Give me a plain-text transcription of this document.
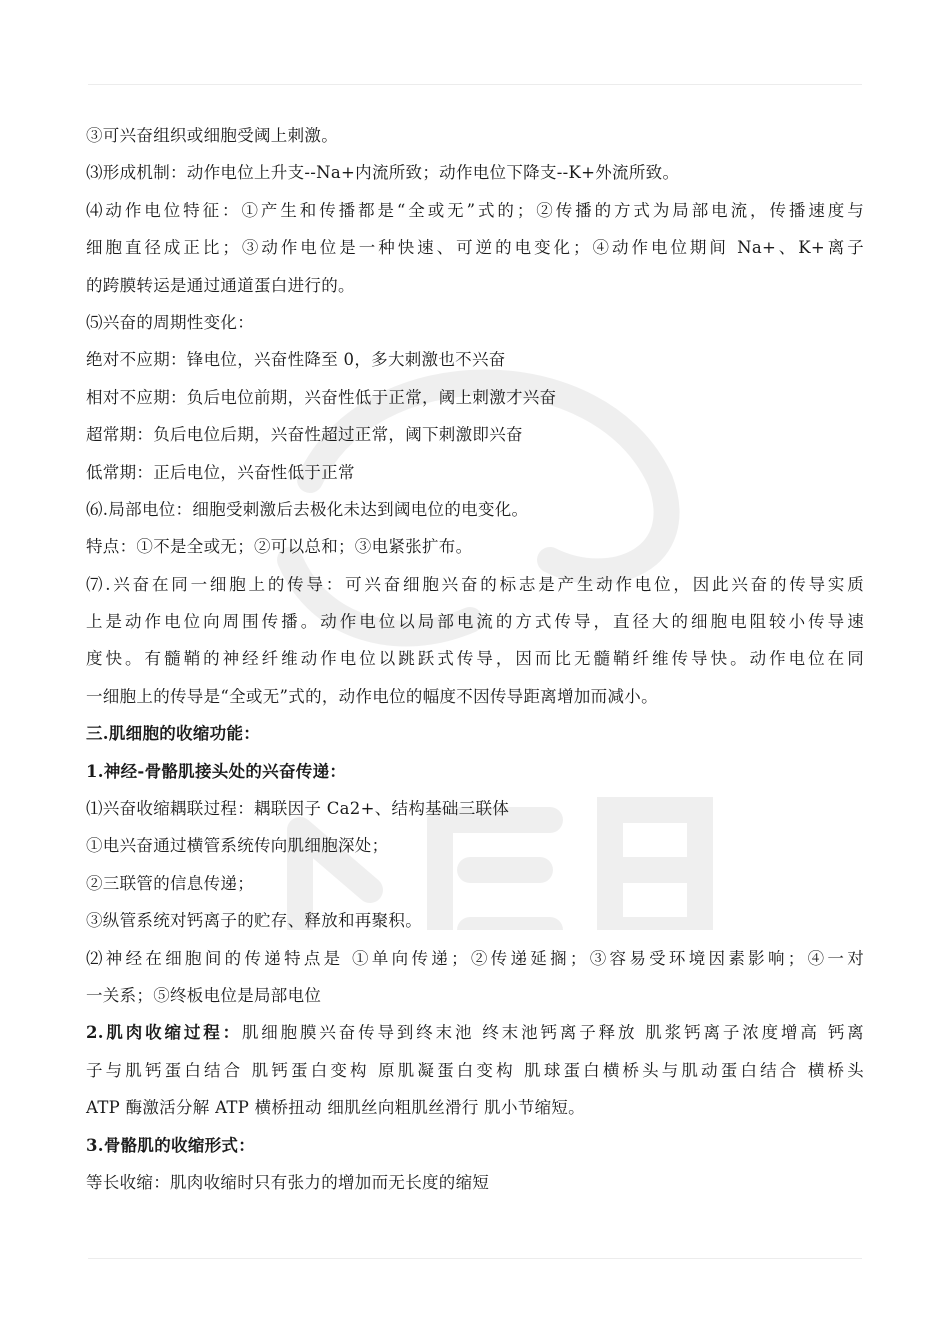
③可兴奋组织或细胞受阈上刺激。
⑶形成机制：动作电位上升支--Na+内流所致；动作电位下降支--K+外流所致。
⑷动作电位特征：①产生和传播都是“全或无”式的；②传播的方式为局部电流，传播速度与
细胞直径成正比；③动作电位是一种快速、可逆的电变化；④动作电位期间 Na+、K+离子
的跨膜转运是通过通道蛋白进行的。
⑸兴奋的周期性变化：
绝对不应期：锋电位，兴奋性降至 0，多大刺激也不兴奋
相对不应期：负后电位前期，兴奋性低于正常，阈上刺激才兴奋
超常期：负后电位后期，兴奋性超过正常，阈下刺激即兴奋
低常期：正后电位，兴奋性低于正常
⑹.局部电位：细胞受刺激后去极化未达到阈电位的电变化。
特点：①不是全或无；②可以总和；③电紧张扩布。
⑺.兴奋在同一细胞上的传导：可兴奋细胞兴奋的标志是产生动作电位，因此兴奋的传导实质
上是动作电位向周围传播。动作电位以局部电流的方式传导，直径大的细胞电阻较小传导速
度快。有髓鞘的神经纤维动作电位以跳跃式传导，因而比无髓鞘纤维传导快。动作电位在同
一细胞上的传导是“全或无”式的，动作电位的幅度不因传导距离增加而减小。
三.肌细胞的收缩功能：
1.神经-骨骼肌接头处的兴奋传递：
⑴兴奋收缩耦联过程：耦联因子 Ca2+、结构基础三联体
①电兴奋通过横管系统传向肌细胞深处；
②三联管的信息传递；
③纵管系统对钙离子的贮存、释放和再聚积。
⑵神经在细胞间的传递特点是 ①单向传递；②传递延搁；③容易受环境因素影响；④一对
一关系；⑤终板电位是局部电位
2.肌肉收缩过程：肌细胞膜兴奋传导到终末池 终末池钙离子释放 肌浆钙离子浓度增高 钙离
子与肌钙蛋白结合 肌钙蛋白变构 原肌凝蛋白变构 肌球蛋白横桥头与肌动蛋白结合 横桥头
ATP 酶激活分解 ATP 横桥扭动 细肌丝向粗肌丝滑行 肌小节缩短。
3.骨骼肌的收缩形式：
等长收缩：肌肉收缩时只有张力的增加而无长度的缩短
